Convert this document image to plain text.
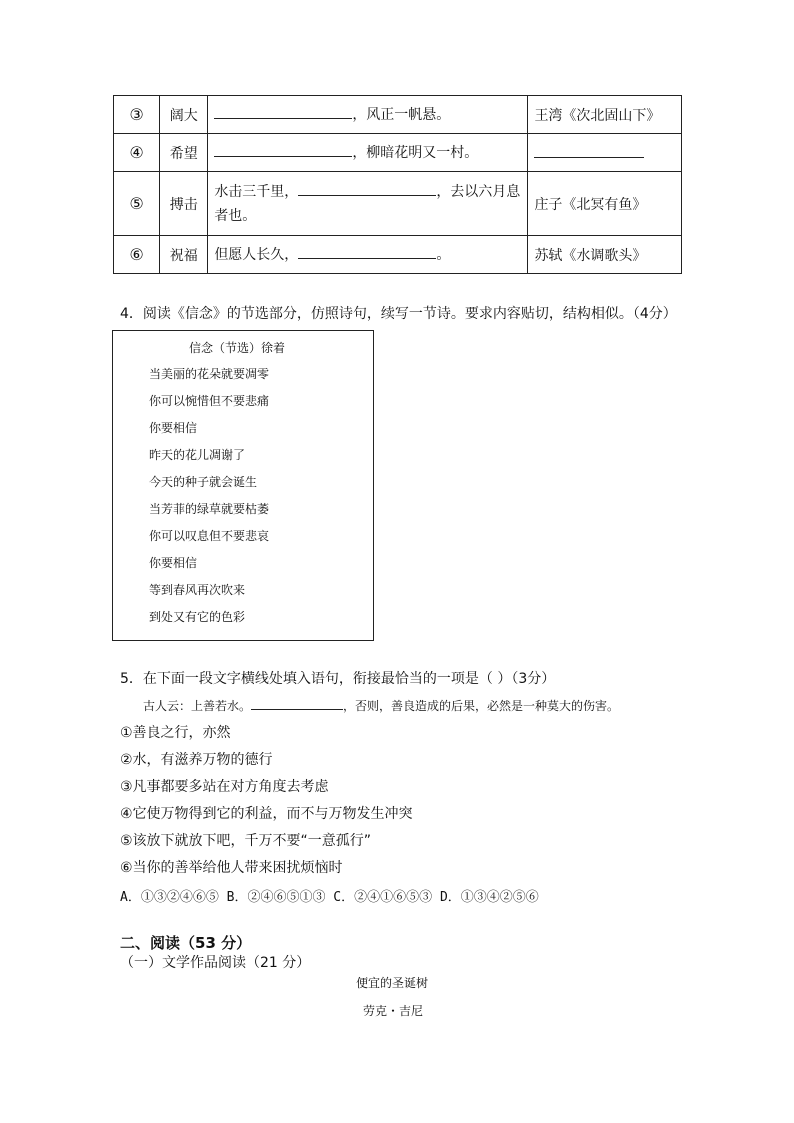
③	阔大	，风正一帆悬。	王湾《次北固山下》
④	希望	，柳暗花明又一村。	
⑤	搏击	水击三千里， ，去以六月息
者也。	庄子《北冥有鱼》
⑥	祝福	但愿人长久， 。	苏轼《水调歌头》
4．阅读《信念》的节选部分，仿照诗句，续写一节诗。要求内容贴切，结构相似。（4分）
信念（节选）徐着
当美丽的花朵就要凋零
你可以惋惜但不要悲痛
你要相信
昨天的花儿凋谢了
今天的种子就会诞生
当芳菲的绿草就要枯萎
你可以叹息但不要悲哀
你要相信
等到春风再次吹来
到处又有它的色彩
5．在下面一段文字横线处填入语句，衔接最恰当的一项是（ ）（3分）
古人云：上善若水。	，否则，善良造成的后果，必然是一种莫大的伤害。
①善良之行，亦然
②水，有滋养万物的德行
③凡事都要多站在对方角度去考虑
④它使万物得到它的利益，而不与万物发生冲突
⑤该放下就放下吧，千万不要“一意孤行”
⑥当你的善举给他人带来困扰烦恼时
A．①③②④⑥⑤ B．②④⑥⑤①③ C．②④①⑥⑤③ D．①③④②⑤⑥
二、阅读（53 分）
（一）文学作品阅读（21 分）
便宜的圣诞树
劳克・吉尼
